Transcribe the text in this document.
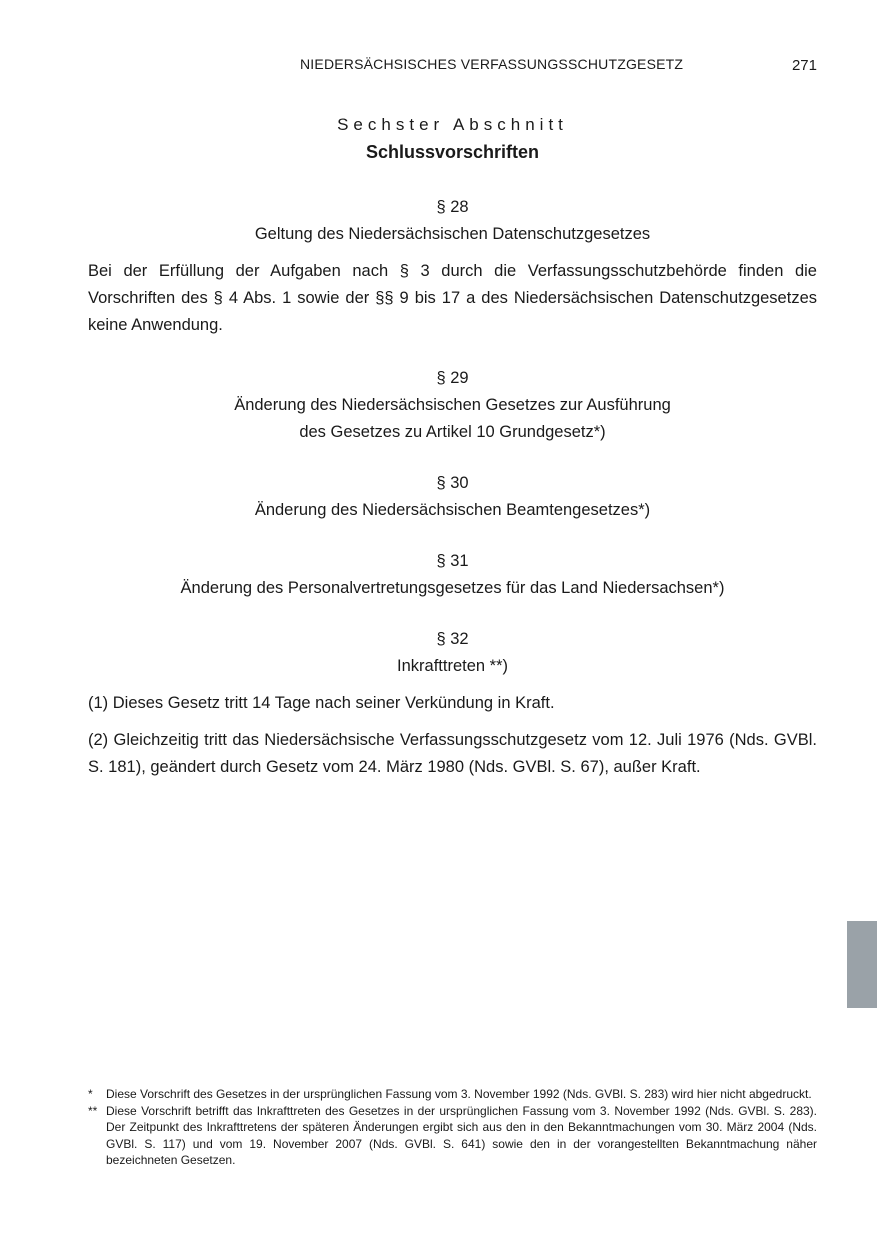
NIEDERSÄCHSISCHES VERFASSUNGSSCHUTZGESETZ	271
Sechster Abschnitt
Schlussvorschriften
§ 28
Geltung des Niedersächsischen Datenschutzgesetzes
Bei der Erfüllung der Aufgaben nach § 3 durch die Verfassungsschutzbehörde finden die Vorschriften des § 4 Abs. 1 sowie der §§ 9 bis 17 a des Niedersächsischen Datenschutzgesetzes keine Anwendung.
§ 29
Änderung des Niedersächsischen Gesetzes zur Ausführung
des Gesetzes zu Artikel 10 Grundgesetz*)
§ 30
Änderung des Niedersächsischen Beamtengesetzes*)
§ 31
Änderung des Personalvertretungsgesetzes für das Land Niedersachsen*)
§ 32
Inkrafttreten **)
(1) Dieses Gesetz tritt 14 Tage nach seiner Verkündung in Kraft.
(2) Gleichzeitig tritt das Niedersächsische Verfassungsschutzgesetz vom 12. Juli 1976 (Nds. GVBl. S. 181), geändert durch Gesetz vom 24. März 1980 (Nds. GVBl. S. 67), außer Kraft.
*	Diese Vorschrift des Gesetzes in der ursprünglichen Fassung vom 3. November 1992 (Nds. GVBl. S. 283) wird hier nicht abgedruckt.
** Diese Vorschrift betrifft das Inkrafttreten des Gesetzes in der ursprünglichen Fassung vom 3. November 1992 (Nds. GVBl. S. 283). Der Zeitpunkt des Inkrafttretens der späteren Änderungen ergibt sich aus den in den Bekanntmachungen vom 30. März 2004 (Nds. GVBl. S. 117) und vom 19. November 2007 (Nds. GVBl. S. 641) sowie den in der vorangestellten Bekanntmachung näher bezeichneten Gesetzen.
